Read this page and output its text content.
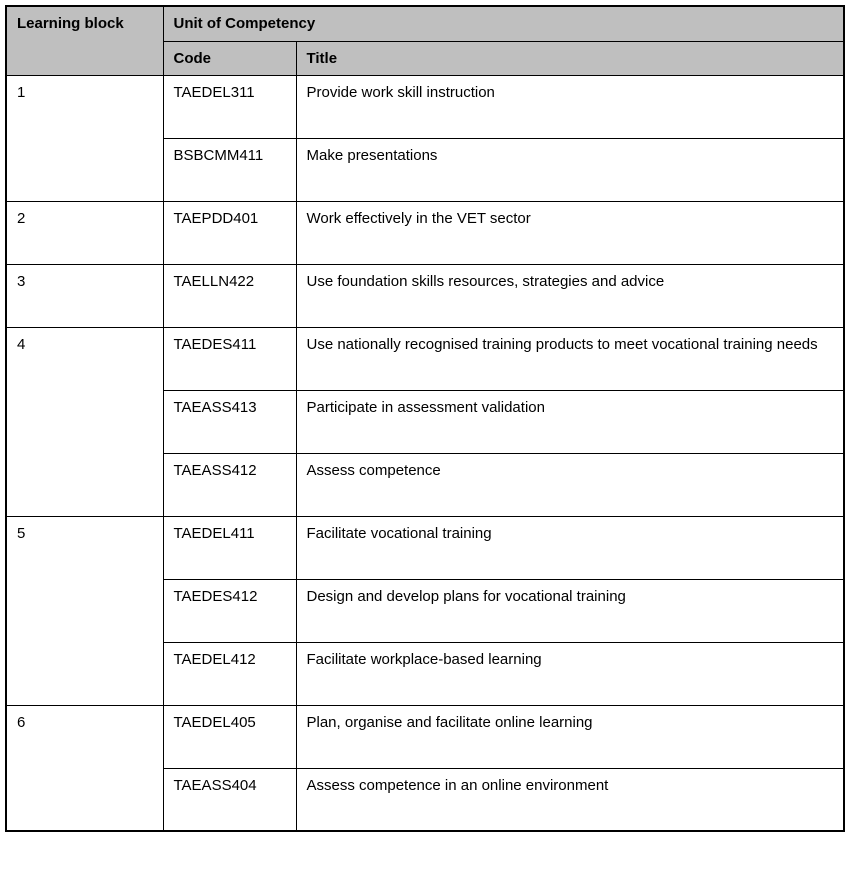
Learning block	Unit of Competency	
	Code	Title
1	TAEDEL311	Provide work skill instruction
	BSBCMM411	Make presentations
2	TAEPDD401	Work effectively in the VET sector
3	TAELLN422	Use foundation skills resources, strategies and advice
4	TAEDES411	Use nationally recognised training products to meet vocational training needs
	TAEASS413	Participate in assessment validation
	TAEASS412	Assess competence
5	TAEDEL411	Facilitate vocational training
	TAEDES412	Design and develop plans for vocational training
	TAEDEL412	Facilitate workplace-based learning
6	TAEDEL405	Plan, organise and facilitate online learning
	TAEASS404	Assess competence in an online environment
